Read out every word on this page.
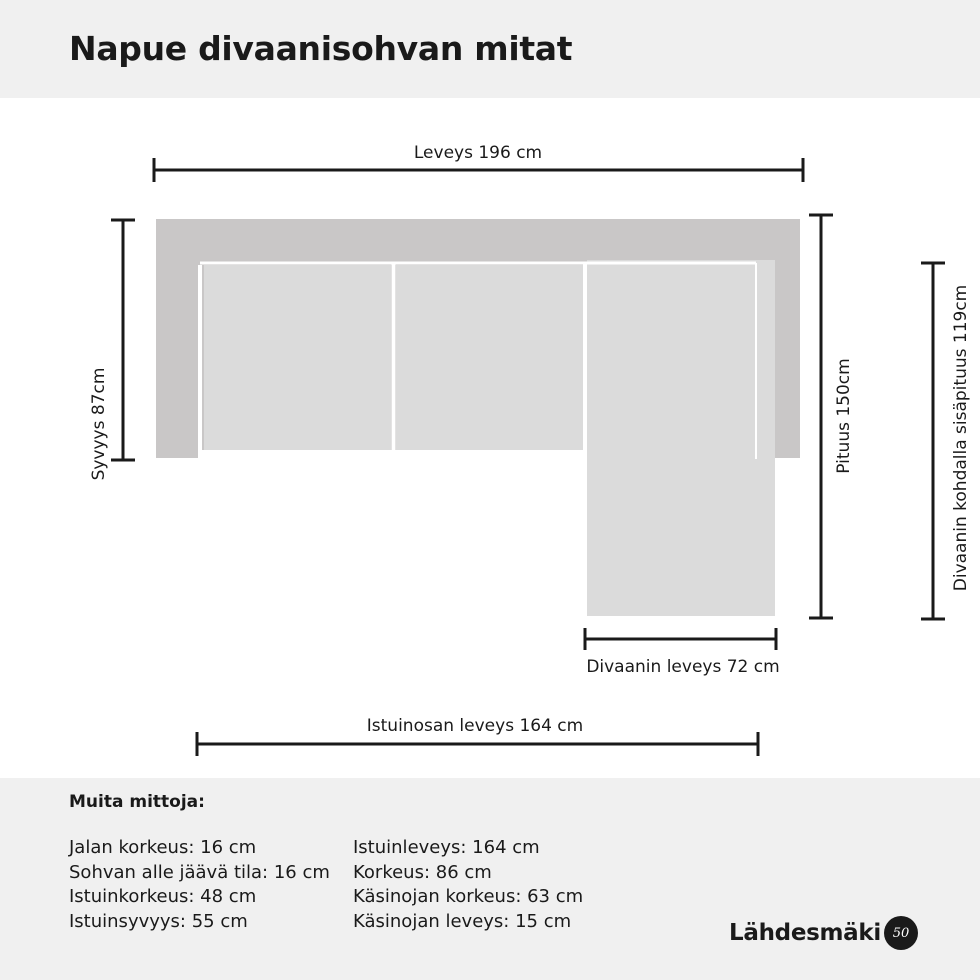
Napue divaanisohvan mitat
Leveys 196 cm
Syvyys 87cm	Pituus 150cm	Divaanin kohdalla sisäpituus 119cm
Divaanin leveys 72 cm
Istuinosan leveys 164 cm
Muita mittoja:
Jalan korkeus: 16 cm
Sohvan alle jäävä tila: 16 cm
Istuinkorkeus: 48 cm
Istuinsyvyys: 55 cm
Istuinleveys: 164 cm
Korkeus: 86 cm
Käsinojan korkeus: 63 cm
Käsinojan leveys: 15 cm	Lähdesmäki 50
